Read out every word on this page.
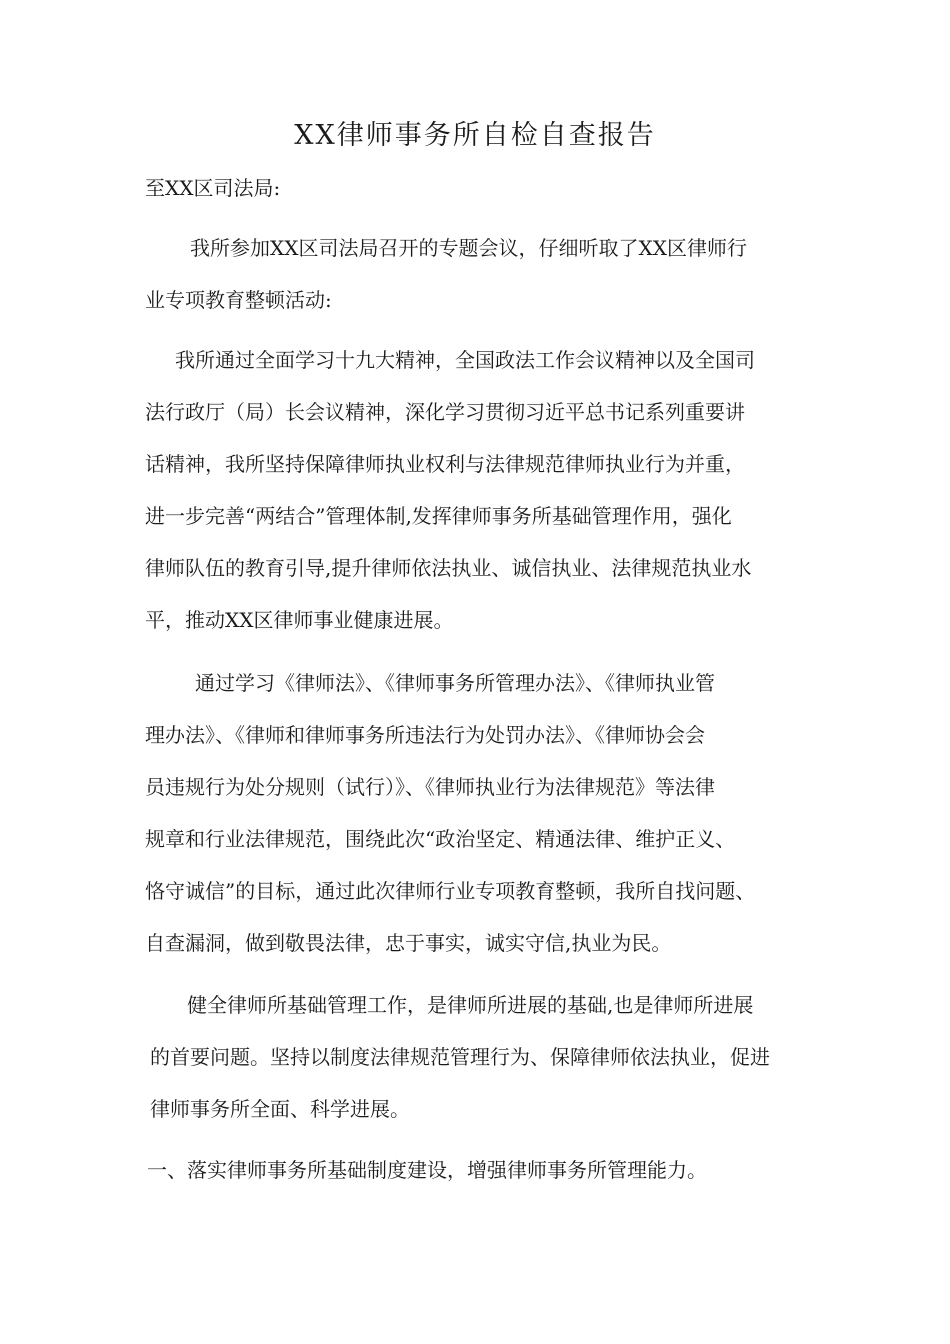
XX律师事务所自检自查报告

至XX区司法局:

我所参加XX区司法局召开的专题会议，仔细听取了XX区律师行

业专项教育整顿活动:

我所通过全面学习十九大精神，全国政法工作会议精神以及全国司

法行政厅（局）长会议精神，深化学习贯彻习近平总书记系列重要讲

话精神，我所坚持保障律师执业权利与法律规范律师执业行为并重，

进一步完善“两结合”管理体制,发挥律师事务所基础管理作用，强化

律师队伍的教育引导,提升律师依法执业、诚信执业、法律规范执业水

平，推动XX区律师事业健康进展。

通过学习《律师法》、《律师事务所管理办法》、《律师执业管

理办法》、《律师和律师事务所违法行为处罚办法》、《律师协会会

员违规行为处分规则（试行）》、《律师执业行为法律规范》等法律

规章和行业法律规范，围绕此次“政治坚定、精通法律、维护正义、

恪守诚信”的目标，通过此次律师行业专项教育整顿，我所自找问题、

自查漏洞，做到敬畏法律，忠于事实，诚实守信,执业为民。

健全律师所基础管理工作，是律师所进展的基础,也是律师所进展

的首要问题。坚持以制度法律规范管理行为、保障律师依法执业，促进

律师事务所全面、科学进展。

一、落实律师事务所基础制度建设，增强律师事务所管理能力。
